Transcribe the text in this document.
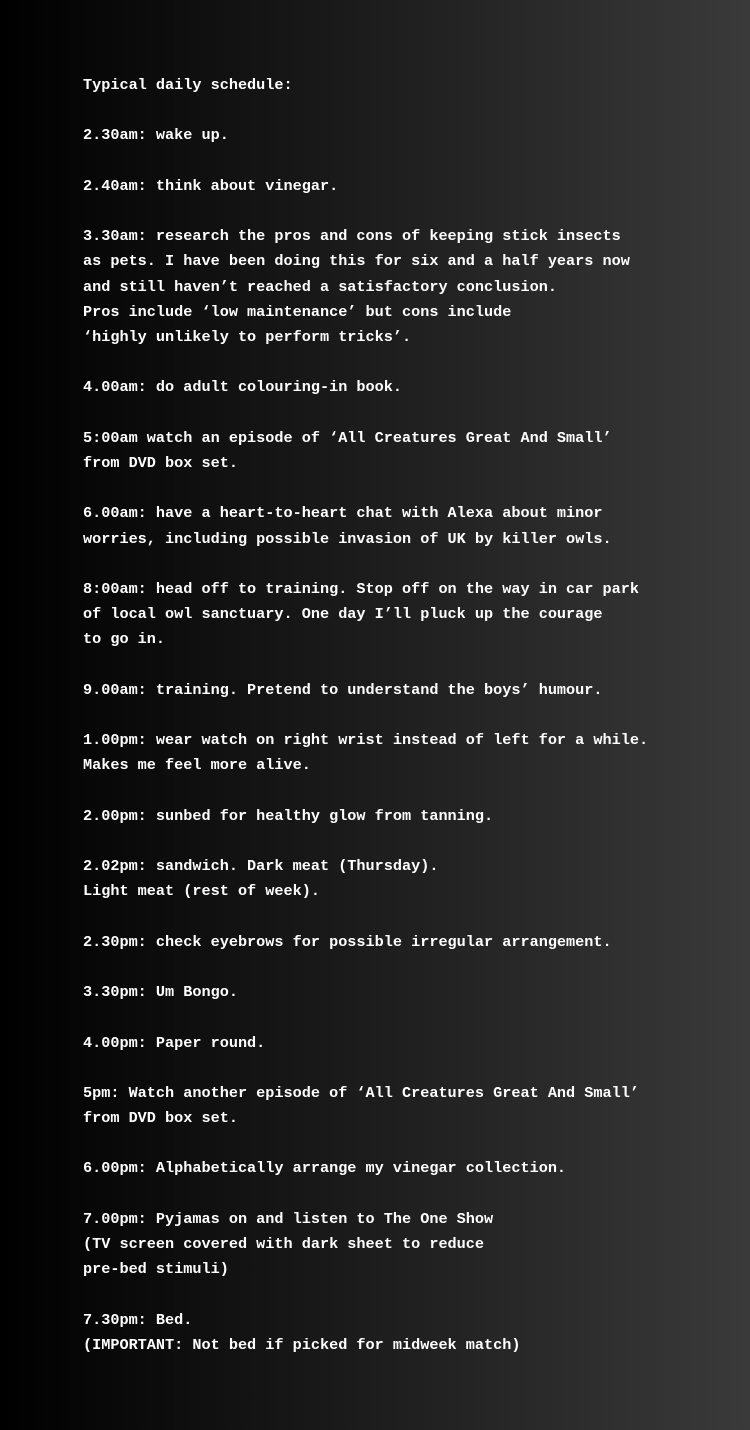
Typical daily schedule:
2.30am: wake up.
2.40am: think about vinegar.
3.30am: research the pros and cons of keeping stick insects
as pets. I have been doing this for six and a half years now
and still haven’t reached a satisfactory conclusion.
Pros include ‘low maintenance’ but cons include
‘highly unlikely to perform tricks’.
4.00am: do adult colouring-in book.
5:00am watch an episode of ‘All Creatures Great And Small’
from DVD box set.
6.00am: have a heart-to-heart chat with Alexa about minor
worries, including possible invasion of UK by killer owls.
8:00am: head off to training. Stop off on the way in car park
of local owl sanctuary. One day I’ll pluck up the courage
to go in.
9.00am: training. Pretend to understand the boys’ humour.
1.00pm: wear watch on right wrist instead of left for a while.
Makes me feel more alive.
2.00pm: sunbed for healthy glow from tanning.
2.02pm: sandwich. Dark meat (Thursday).
Light meat (rest of week).
2.30pm: check eyebrows for possible irregular arrangement.
3.30pm: Um Bongo.
4.00pm: Paper round.
5pm: Watch another episode of ‘All Creatures Great And Small’
from DVD box set.
6.00pm: Alphabetically arrange my vinegar collection.
7.00pm: Pyjamas on and listen to The One Show
(TV screen covered with dark sheet to reduce
pre-bed stimuli)
7.30pm: Bed.
(IMPORTANT: Not bed if picked for midweek match)
